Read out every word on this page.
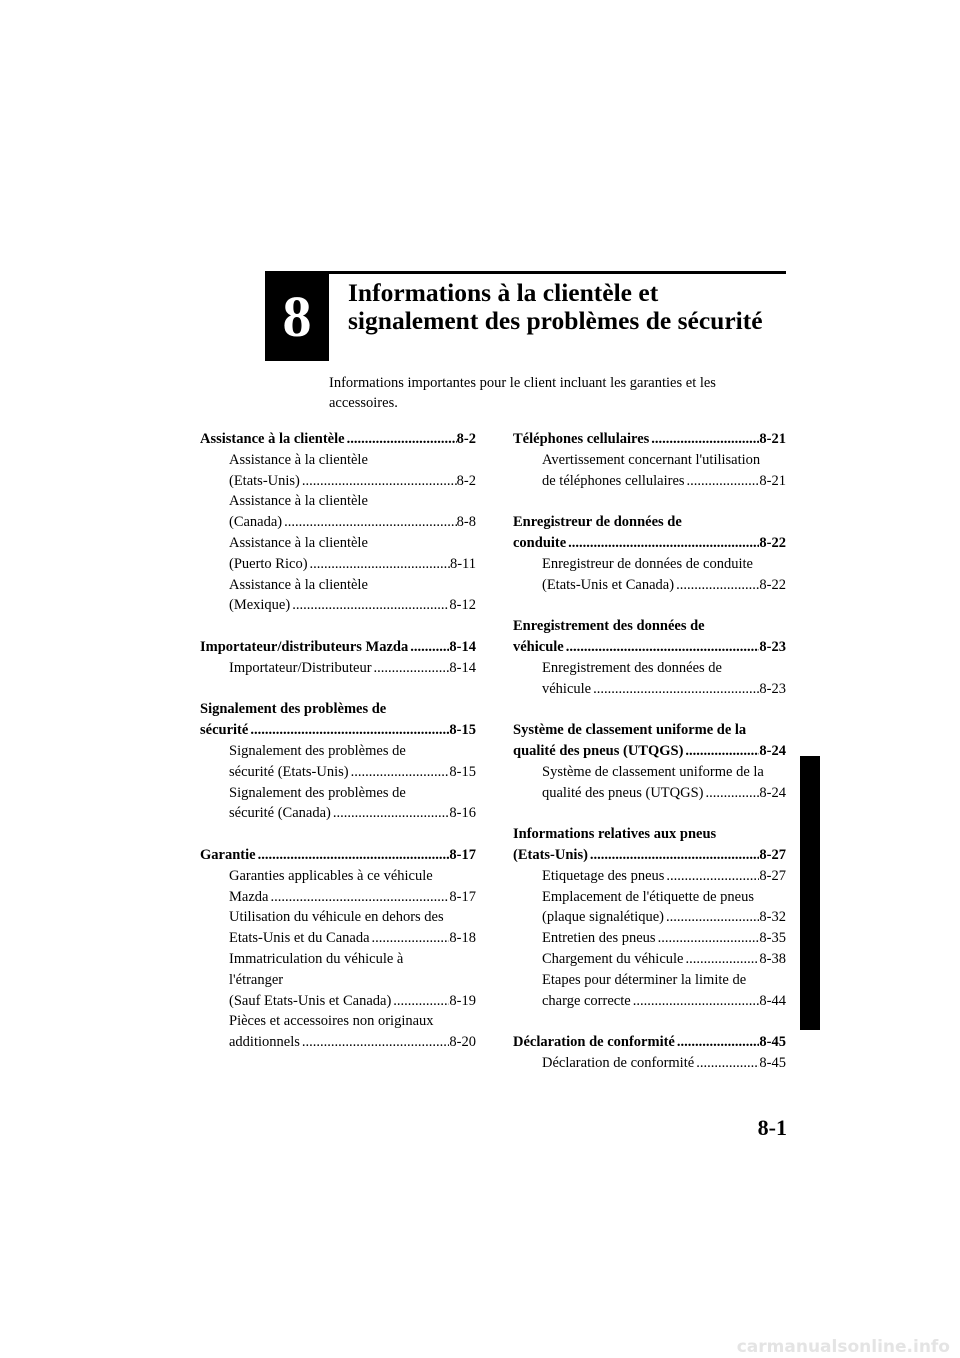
8 Informations à la clientèle et
signalement des problèmes de sécurité
Informations importantes pour le client incluant les garanties et les
accessoires.
Assistance à la clientèle .....	8-2
Assistance à la clientèle
(Etats-Unis) .....	8-2
Assistance à la clientèle
(Canada) .....	8-8
Assistance à la clientèle
(Puerto Rico) .....	8-11
Assistance à la clientèle
(Mexique) .....	8-12
Importateur/distributeurs Mazda .....	8-14
Importateur/Distributeur .....	8-14
Signalement des problèmes de
sécurité .....	8-15
Signalement des problèmes de
sécurité (Etats-Unis) .....	8-15
Signalement des problèmes de
sécurité (Canada) .....	8-16
Garantie .....	8-17
Garanties applicables à ce véhicule
Mazda .....	8-17
Utilisation du véhicule en dehors des
Etats-Unis et du Canada .....	8-18
Immatriculation du véhicule à
l'étranger
(Sauf Etats-Unis et Canada) .....	8-19
Pièces et accessoires non originaux
additionnels .....	8-20
Téléphones cellulaires .....	8-21
Avertissement concernant l'utilisation
de téléphones cellulaires .....	8-21
Enregistreur de données de
conduite .....	8-22
Enregistreur de données de conduite
(Etats-Unis et Canada) .....	8-22
Enregistrement des données de
véhicule .....	8-23
Enregistrement des données de
véhicule .....	8-23
Système de classement uniforme de la
qualité des pneus (UTQGS) .....	8-24
Système de classement uniforme de la
qualité des pneus (UTQGS) .....	8-24
Informations relatives aux pneus
(Etats-Unis) .....	8-27
Etiquetage des pneus .....	8-27
Emplacement de l'étiquette de pneus
(plaque signalétique) .....	8-32
Entretien des pneus .....	8-35
Chargement du véhicule .....	8-38
Etapes pour déterminer la limite de
charge correcte .....	8-44
Déclaration de conformité .....	8-45
Déclaration de conformité .....	8-45
8-1
carmanualsonline.info
